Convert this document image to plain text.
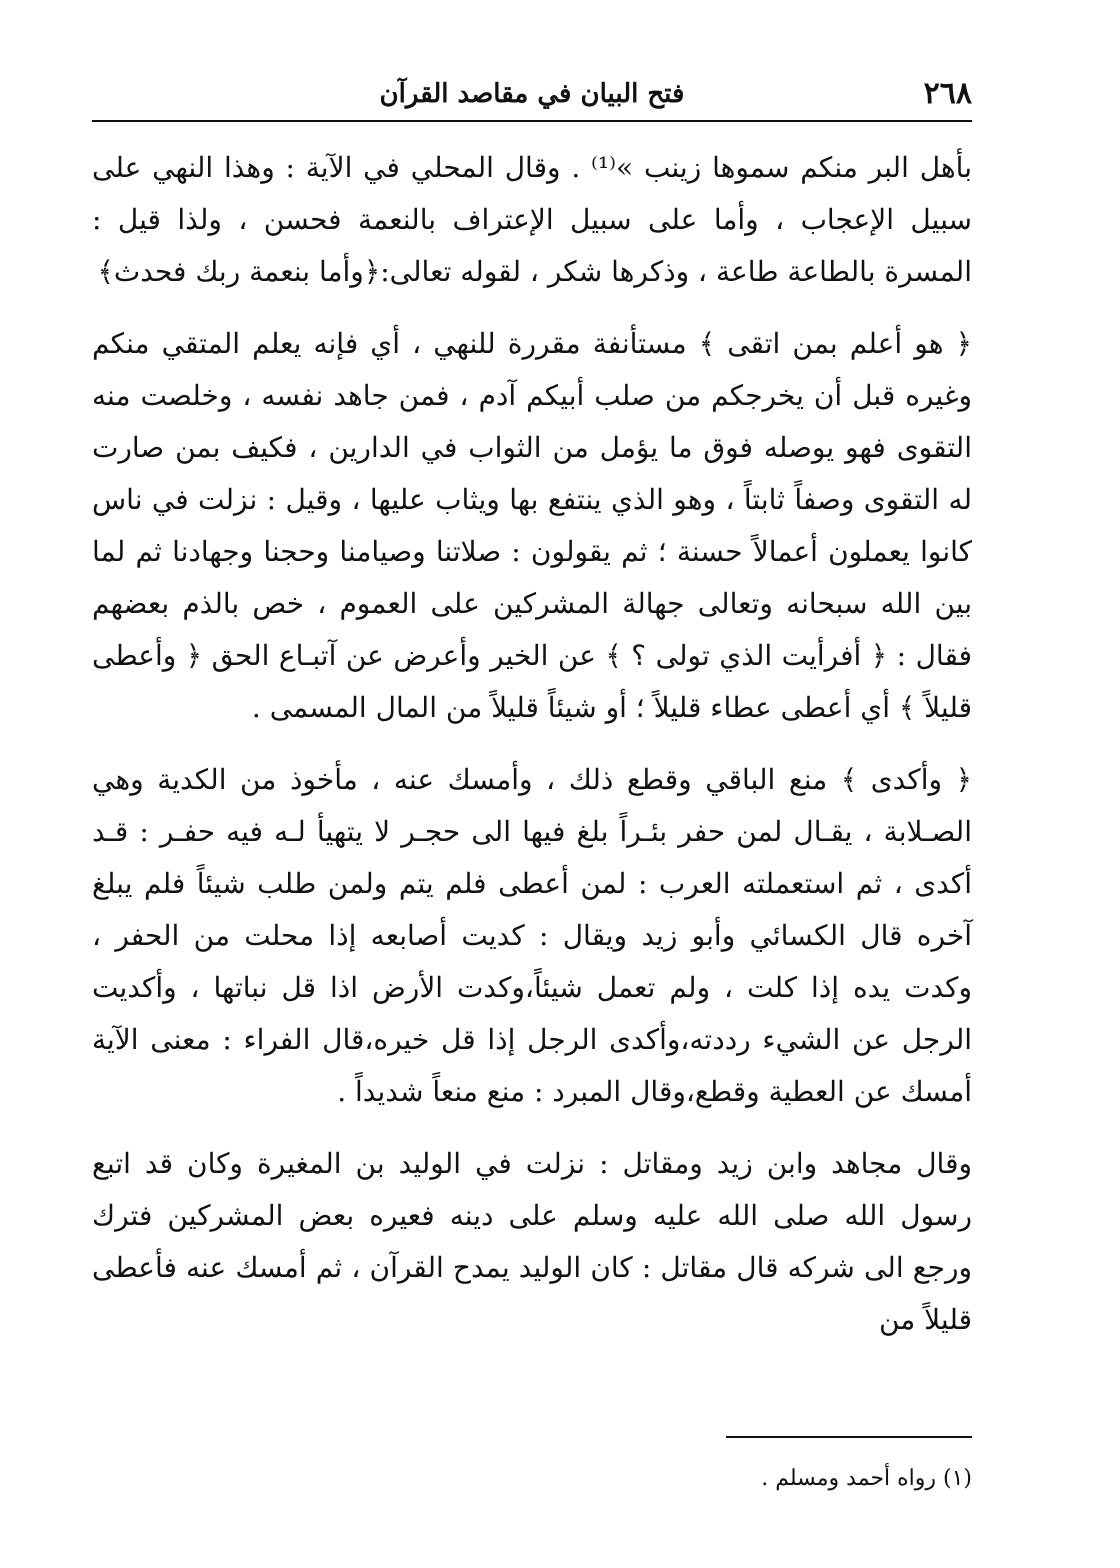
٢٦٨
فتح البيان في مقاصد القرآن

بأهل البر منكم سموها زينب »⁽¹⁾ . وقال المحلي في الآية : وهذا النهي على سبيل الإعجاب ، وأما على سبيل الإعتراف بالنعمة فحسن ، ولذا قيل : المسرة بالطاعة طاعة ، وذكرها شكر ، لقوله تعالى:﴿وأما بنعمة ربك فحدث﴾

﴿ هو أعلم بمن اتقى ﴾ مستأنفة مقررة للنهي ، أي فإنه يعلم المتقي منكم وغيره قبل أن يخرجكم من صلب أبيكم آدم ، فمن جاهد نفسه ، وخلصت منه التقوى فهو يوصله فوق ما يؤمل من الثواب في الدارين ، فكيف بمن صارت له التقوى وصفاً ثابتاً ، وهو الذي ينتفع بها ويثاب عليها ، وقيل : نزلت في ناس كانوا يعملون أعمالاً حسنة ؛ ثم يقولون : صلاتنا وصيامنا وحجنا وجهادنا ثم لما بين الله سبحانه وتعالى جهالة المشركين على العموم ، خص بالذم بعضهم فقال : ﴿ أفرأيت الذي تولى ؟ ﴾ عن الخير وأعرض عن آتبـاع الحق ﴿ وأعطى قليلاً ﴾ أي أعطى عطاء قليلاً ؛ أو شيئاً قليلاً من المال المسمى .

﴿ وأكدى ﴾ منع الباقي وقطع ذلك ، وأمسك عنه ، مأخوذ من الكدية وهي الصـلابة ، يقـال لمن حفر بئـراً بلغ فيها الى حجـر لا يتهيأ لـه فيه حفـر : قـد أكدى ، ثم استعملته العرب : لمن أعطى فلم يتم ولمن طلب شيئاً فلم يبلغ آخره قال الكسائي وأبو زيد ويقال : كديت أصابعه إذا محلت من الحفر ، وكدت يده إذا كلت ، ولم تعمل شيئاً،وكدت الأرض اذا قل نباتها ، وأكديت الرجل عن الشيء رددته،وأكدى الرجل إذا قل خيره،قال الفراء : معنى الآية أمسك عن العطية وقطع،وقال المبرد : منع منعاً شديداً .

وقال مجاهد وابن زيد ومقاتل : نزلت في الوليد بن المغيرة وكان قد اتبع رسول الله صلى الله عليه وسلم على دينه فعيره بعض المشركين فترك ورجع الى شركه قال مقاتل : كان الوليد يمدح القرآن ، ثم أمسك عنه فأعطى قليلاً من

(١) رواه أحمد ومسلم .
